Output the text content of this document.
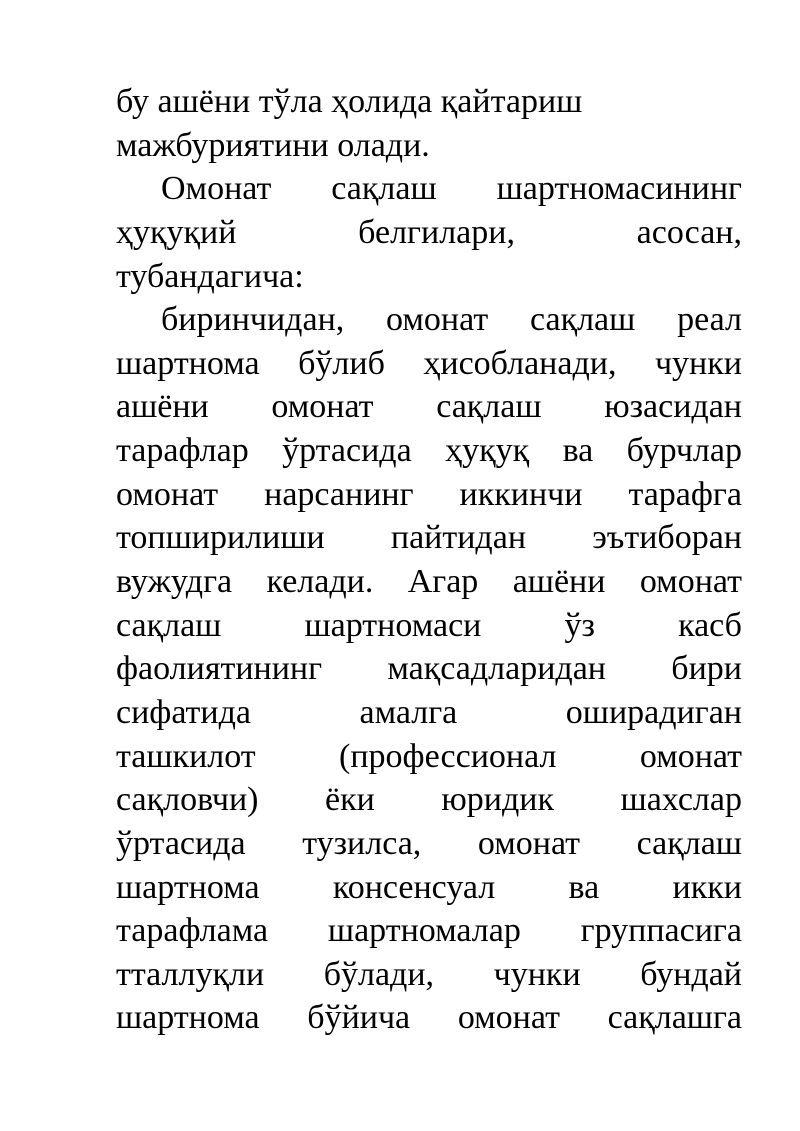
бу ашёни тўла ҳолида қайтариш
мажбуриятини олади.
Омонат сақлаш шартномасининг
ҳуқуқий	белгилари,	асосан,
тубандагича:
биринчидан, омонат сақлаш реал
шартнома бўлиб ҳисобланади, чунки
ашёни омонат сақлаш юзасидан
тарафлар ўртасида ҳуқуқ ва бурчлар
омонат нарсанинг иккинчи тарафга
топширилиши пайтидан эътиборан
вужудга келади. Агар ашёни омонат
сақлаш шартномаси ўз касб
фаолиятининг мақсадларидан бири
сифатида	амалга	оширадиган
ташкилот (профессионал омонат
сақловчи) ёки юридик шахслар
ўртасида тузилса, омонат сақлаш
шартнома консенсуал ва икки
тарафлама шартномалар группасига
тталлуқли бўлади, чунки бундай
шартнома бўйича омонат сақлашга
